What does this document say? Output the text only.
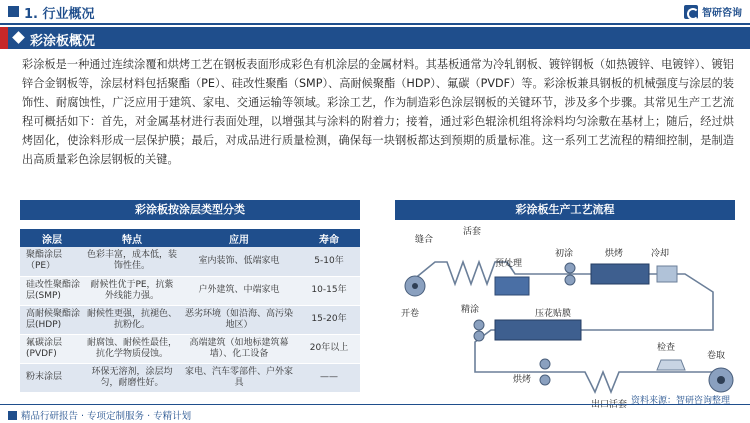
1. 行业概况	智研咨询
彩涂板概况

彩涂板是一种通过连续涂覆和烘烤工艺在钢板表面形成彩色有机涂层的金属材料。其基板通常为冷轧钢板、镀锌钢板（如热镀锌、电镀锌）、镀铝锌合金钢板等，涂层材料包括聚酯（PE）、硅改性聚酯（SMP）、高耐候聚酯（HDP）、氟碳（PVDF）等。彩涂板兼具钢板的机械强度与涂层的装饰性、耐腐蚀性，广泛应用于建筑、家电、交通运输等领域。彩涂工艺，作为制造彩色涂层钢板的关键环节，涉及多个步骤。其常见生产工艺流程可概括如下：首先，对金属基材进行表面处理，以增强其与涂料的附着力；接着，通过彩色辊涂机组将涂料均匀涂敷在基材上；随后，经过烘烤固化，使涂料形成一层保护膜；最后，对成品进行质量检测，确保每一块钢板都达到预期的质量标准。这一系列工艺流程的精细控制，是制造出高质量彩色涂层钢板的关键。

彩涂板按涂层类型分类	彩涂板生产工艺流程
涂层	特点	应用	寿命
聚酯涂层（PE）	色彩丰富，成本低，装饰性佳。	室内装饰、低端家电	5-10年
硅改性聚酯涂层(SMP)	耐候性优于PE，抗紫外线能力强。	户外建筑、中端家电	10-15年
高耐候聚酯涂层(HDP)	耐候性更强，抗褪色、抗粉化。	恶劣环境（如沿海、高污染地区）	15-20年
氟碳涂层(PVDF)	耐腐蚀、耐候性最佳，抗化学物质侵蚀。	高端建筑（如地标建筑幕墙）、化工设备	20年以上
粉末涂层	环保无溶剂，涂层均匀，耐磨性好。	家电、汽车零部件、户外家具	——
缝合
活套
预处理
初涂	烘烤	冷却
开卷	精涂	压花贴膜
检查
烘烤
出口活套
卷取
精品行研报告 · 专项定制服务 · 专精计划
资料来源：智研咨询整理
